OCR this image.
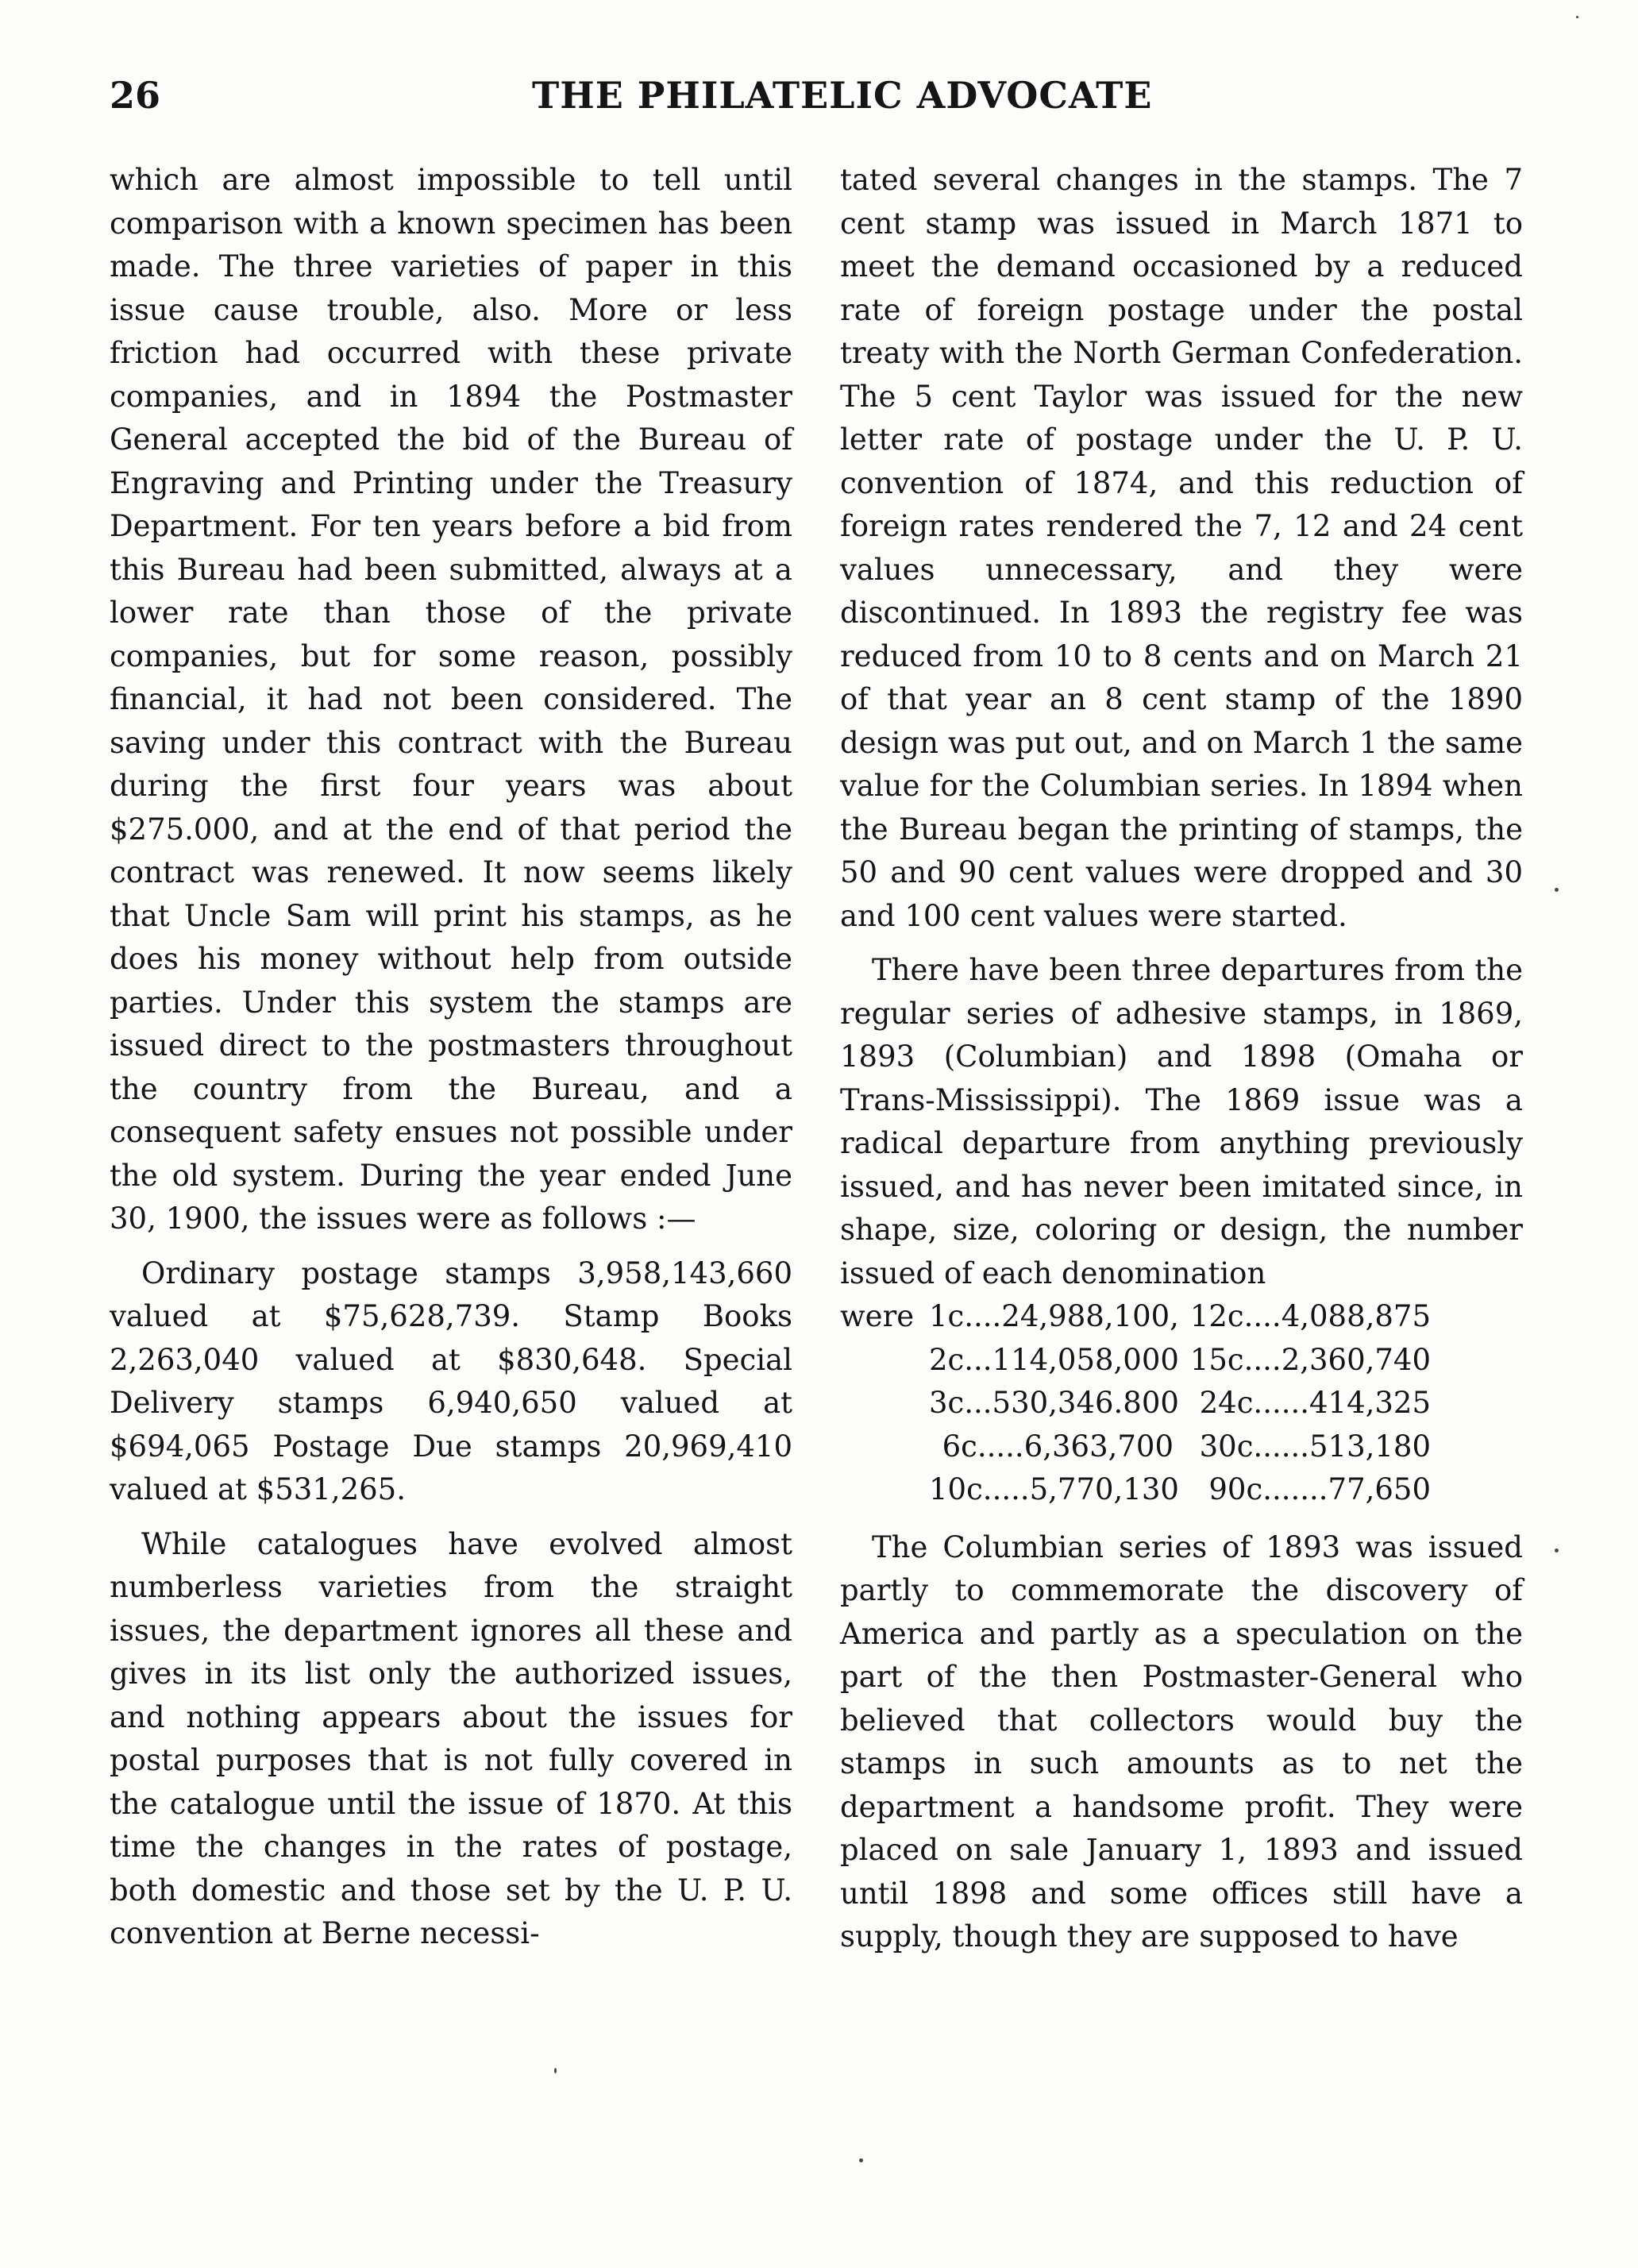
26	THE PHILATELIC ADVOCATE

which are almost impossible to tell until comparison with a known specimen has been made. The three varieties of paper in this issue cause trouble, also. More or less friction had occurred with these private companies, and in 1894 the Postmaster General accepted the bid of the Bureau of Engraving and Printing under the Treasury Department. For ten years before a bid from this Bureau had been submitted, always at a lower rate than those of the private companies, but for some reason, possibly financial, it had not been considered. The saving under this contract with the Bureau during the first four years was about $275.000, and at the end of that period the contract was renewed. It now seems likely that Uncle Sam will print his stamps, as he does his money without help from outside parties. Under this system the stamps are issued direct to the postmasters throughout the country from the Bureau, and a consequent safety ensues not possible under the old system. During the year ended June 30, 1900, the issues were as follows :—

Ordinary postage stamps 3,958,143,660 valued at $75,628,739. Stamp Books 2,263,040 valued at $830,648. Special Delivery stamps 6,940,650 valued at $694,065 Postage Due stamps 20,969,410 valued at $531,265.

While catalogues have evolved almost numberless varieties from the straight issues, the department ignores all these and gives in its list only the authorized issues, and nothing appears about the issues for postal purposes that is not fully covered in the catalogue until the issue of 1870. At this time the changes in the rates of postage, both domestic and those set by the U. P. U. convention at Berne necessi-

tated several changes in the stamps. The 7 cent stamp was issued in March 1871 to meet the demand occasioned by a reduced rate of foreign postage under the postal treaty with the North German Confederation. The 5 cent Taylor was issued for the new letter rate of postage under the U. P. U. convention of 1874, and this reduction of foreign rates rendered the 7, 12 and 24 cent values unnecessary, and they were discontinued. In 1893 the registry fee was reduced from 10 to 8 cents and on March 21 of that year an 8 cent stamp of the 1890 design was put out, and on March 1 the same value for the Columbian series. In 1894 when the Bureau began the printing of stamps, the 50 and 90 cent values were dropped and 30 and 100 cent values were started.

There have been three departures from the regular series of adhesive stamps, in 1869, 1893 (Columbian) and 1898 (Omaha or Trans-Mississippi). The 1869 issue was a radical departure from anything previously issued, and has never been imitated since, in shape, size, coloring or design, the number issued of each denomination

were 1c....24,988,100, 12c....4,088,875
2c...114,058,000 15c....2,360,740
3c...530,346.800 24c......414,325
6c.....6,363,700 30c......513,180
10c.....5,770,130	90c.......77,650

The Columbian series of 1893 was issued partly to commemorate the discovery of America and partly as a speculation on the part of the then Postmaster-General who believed that collectors would buy the stamps in such amounts as to net the department a handsome profit. They were placed on sale January 1, 1893 and issued until 1898 and some offices still have a supply, though they are supposed to have
